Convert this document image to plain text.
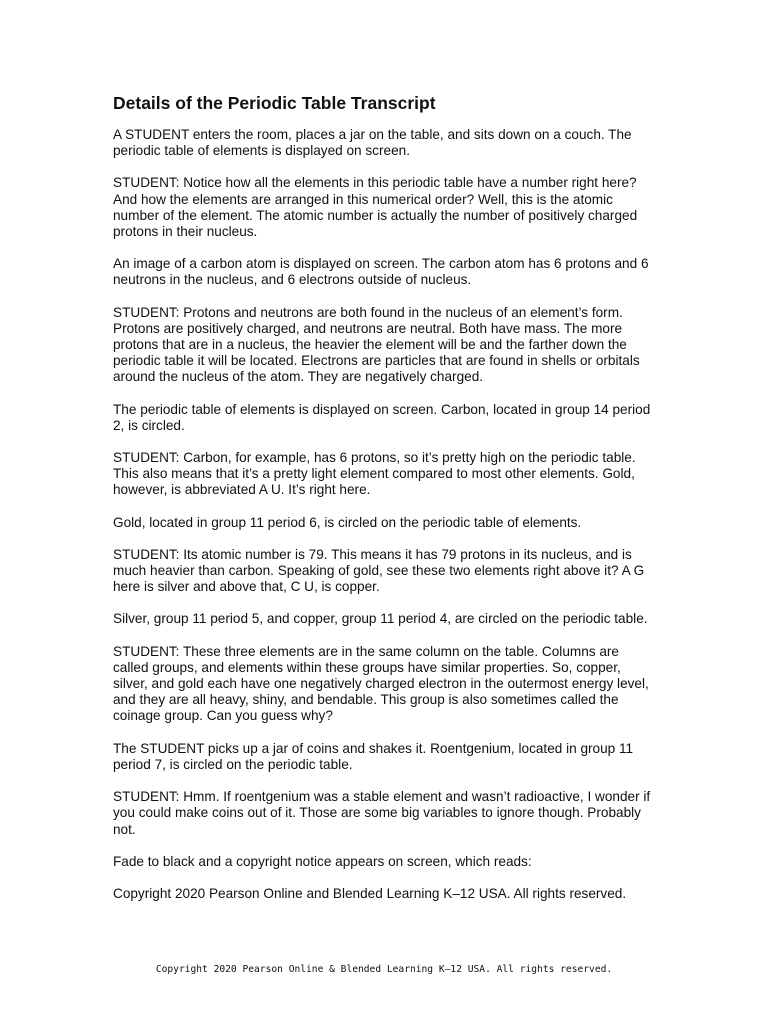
Details of the Periodic Table Transcript

A STUDENT enters the room, places a jar on the table, and sits down on a couch. The periodic table of elements is displayed on screen.

STUDENT: Notice how all the elements in this periodic table have a number right here? And how the elements are arranged in this numerical order? Well, this is the atomic number of the element. The atomic number is actually the number of positively charged protons in their nucleus.

An image of a carbon atom is displayed on screen. The carbon atom has 6 protons and 6 neutrons in the nucleus, and 6 electrons outside of nucleus.

STUDENT: Protons and neutrons are both found in the nucleus of an element’s form. Protons are positively charged, and neutrons are neutral. Both have mass. The more protons that are in a nucleus, the heavier the element will be and the farther down the periodic table it will be located. Electrons are particles that are found in shells or orbitals around the nucleus of the atom. They are negatively charged.

The periodic table of elements is displayed on screen. Carbon, located in group 14 period 2, is circled.

STUDENT: Carbon, for example, has 6 protons, so it’s pretty high on the periodic table. This also means that it’s a pretty light element compared to most other elements. Gold, however, is abbreviated A U. It’s right here.

Gold, located in group 11 period 6, is circled on the periodic table of elements.

STUDENT: Its atomic number is 79. This means it has 79 protons in its nucleus, and is much heavier than carbon. Speaking of gold, see these two elements right above it? A G here is silver and above that, C U, is copper.

Silver, group 11 period 5, and copper, group 11 period 4, are circled on the periodic table.

STUDENT: These three elements are in the same column on the table. Columns are called groups, and elements within these groups have similar properties. So, copper, silver, and gold each have one negatively charged electron in the outermost energy level, and they are all heavy, shiny, and bendable. This group is also sometimes called the coinage group. Can you guess why?

The STUDENT picks up a jar of coins and shakes it. Roentgenium, located in group 11 period 7, is circled on the periodic table.

STUDENT: Hmm. If roentgenium was a stable element and wasn’t radioactive, I wonder if you could make coins out of it. Those are some big variables to ignore though. Probably not.

Fade to black and a copyright notice appears on screen, which reads:

Copyright 2020 Pearson Online and Blended Learning K–12 USA. All rights reserved.

Copyright 2020 Pearson Online & Blended Learning K–12 USA. All rights reserved.
